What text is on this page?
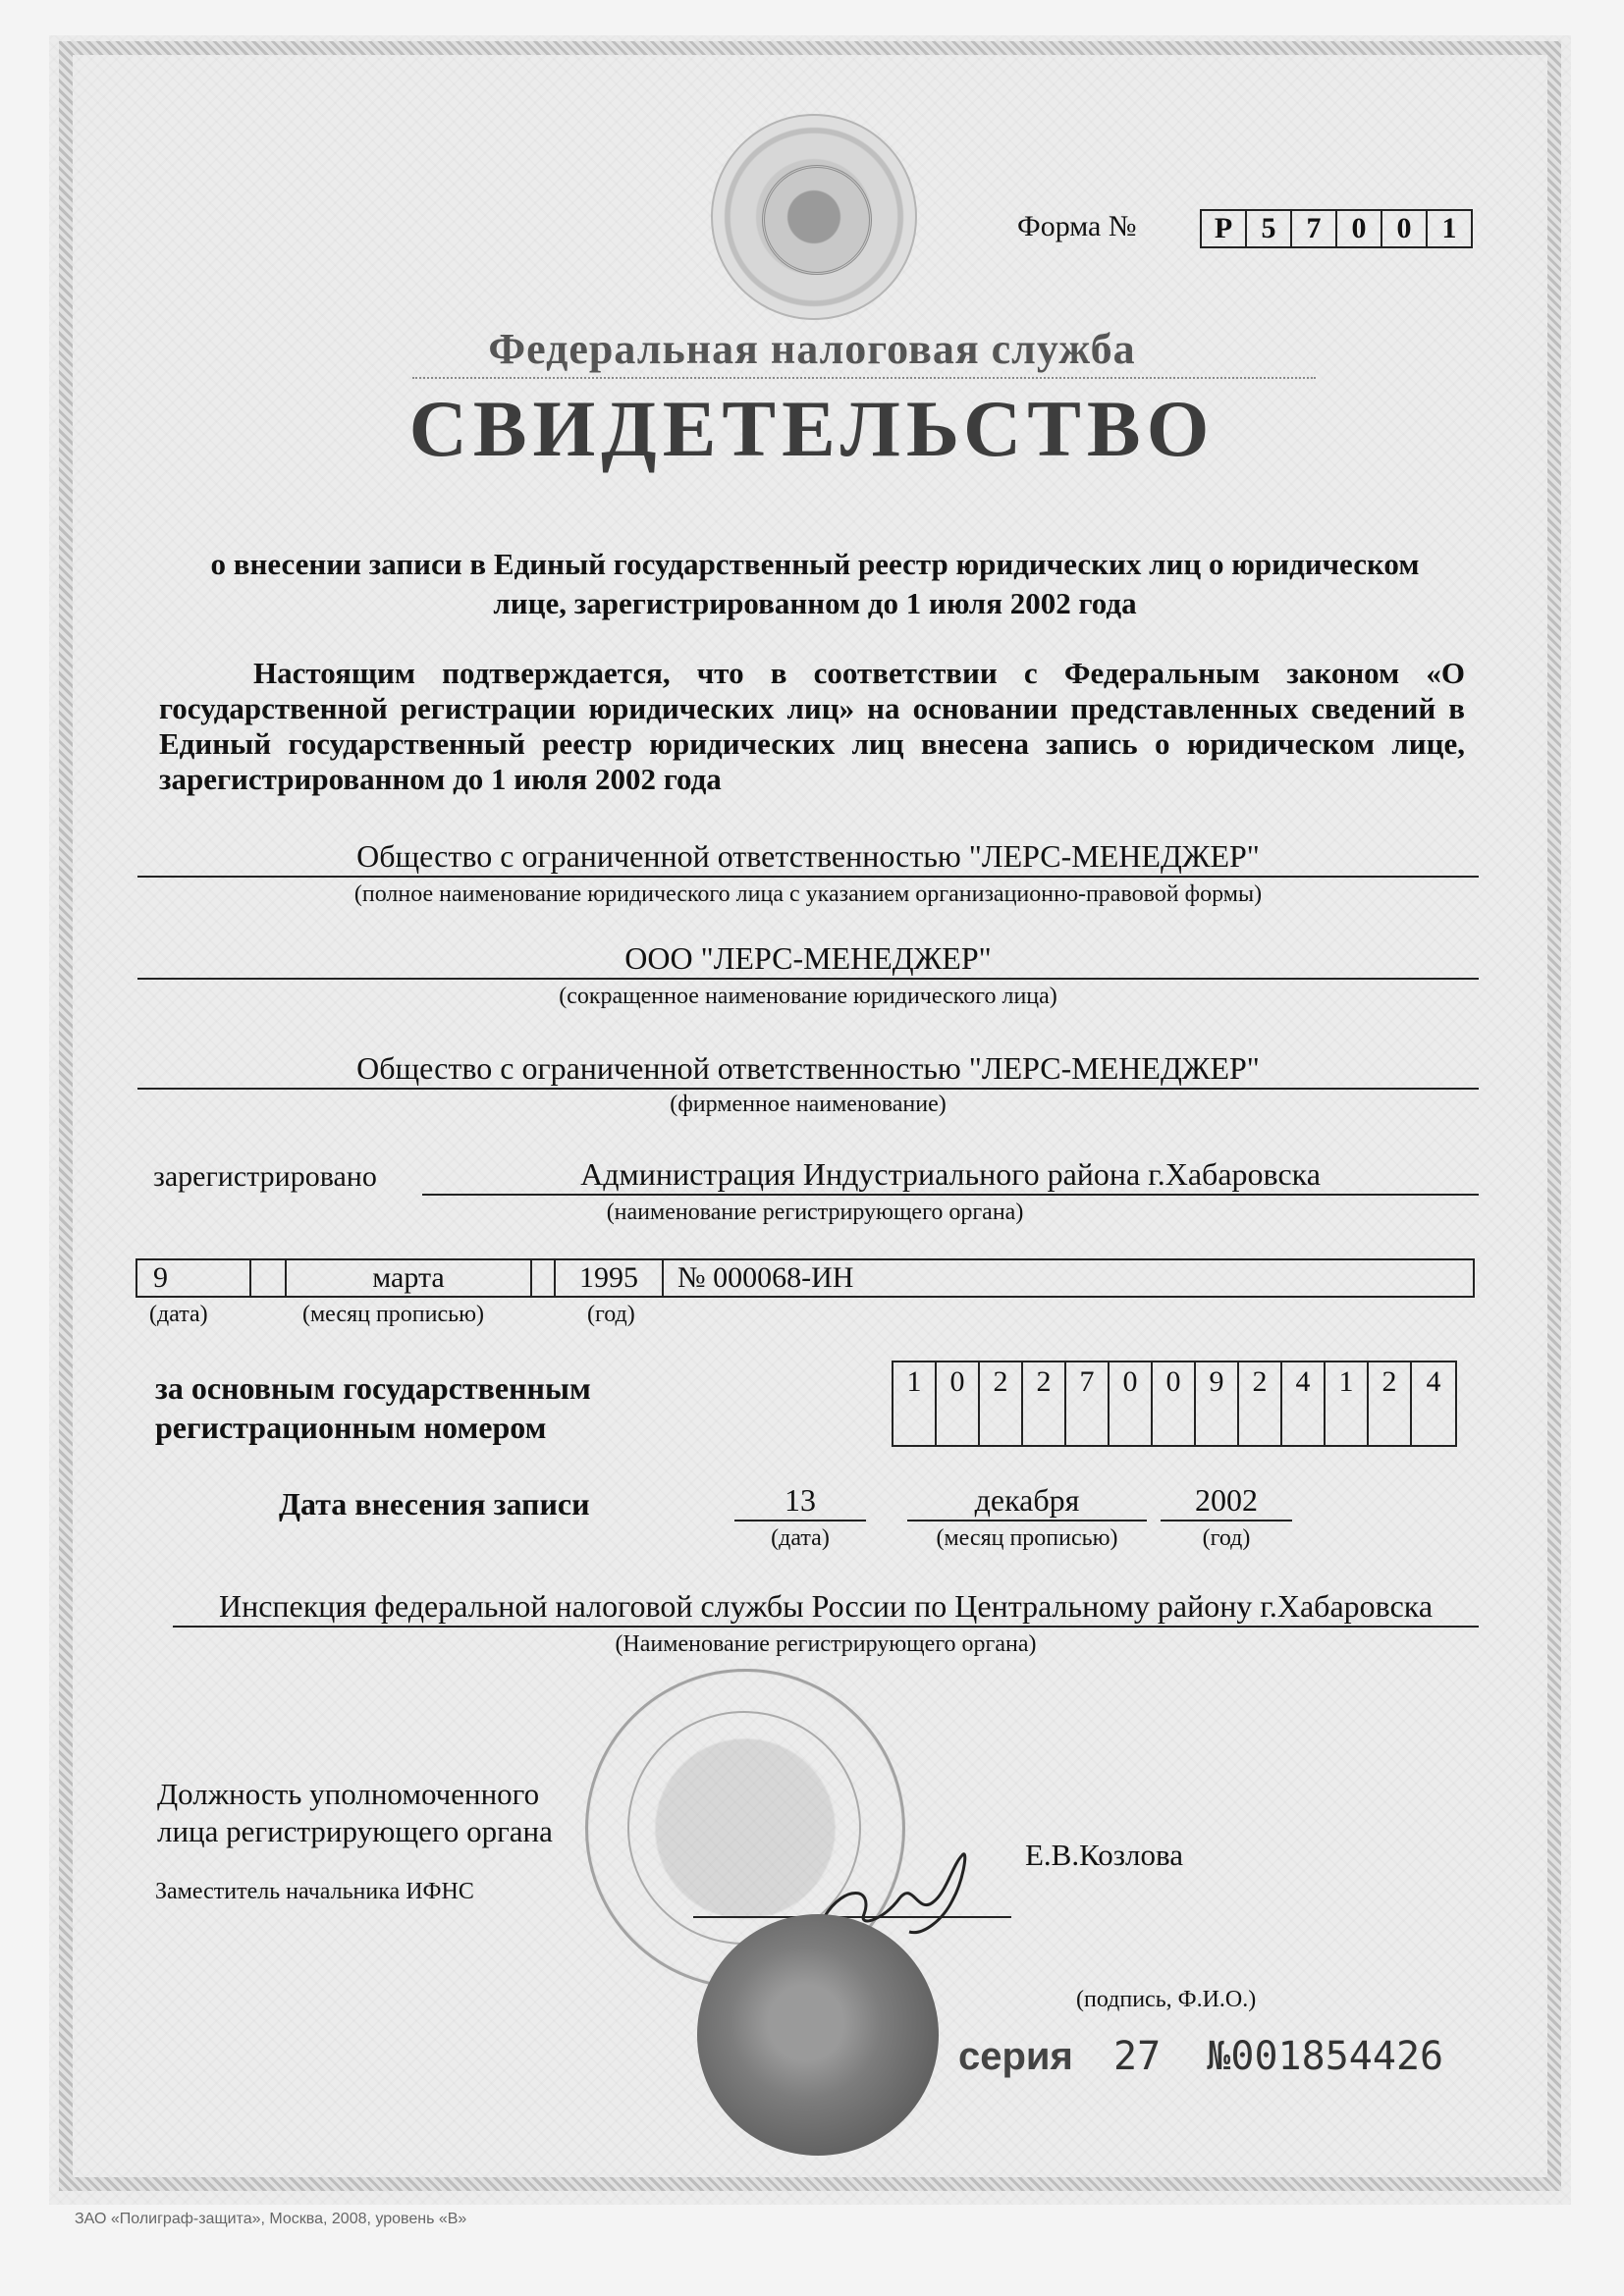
Форма №	Р 5	7	0	0	1
Федеральная налоговая служба
СВИДЕТЕЛЬСТВО
о внесении записи в Единый государственный реестр юридических лиц о юридическом
лице, зарегистрированном до 1 июля 2002 года
Настоящим подтверждается, что в соответствии с Федеральным законом «О государственной регистрации юридических лиц» на основании представленных сведений в Единый государственный реестр юридических лиц внесена запись о юридическом лице, зарегистрированном до 1 июля 2002 года
Общество с ограниченной ответственностью "ЛЕРС-МЕНЕДЖЕР"
(полное наименование юридического лица с указанием организационно-правовой формы)
ООО "ЛЕРС-МЕНЕДЖЕР"
(сокращенное наименование юридического лица)
Общество с ограниченной ответственностью "ЛЕРС-МЕНЕДЖЕР"
(фирменное наименование)
зарегистрировано	Администрация Индустриального района г.Хабаровска
(наименование регистрирующего органа)
9	марта	1995	№ 000068-ИН
(дата)	(месяц прописью)	(год)
за основным государственным
регистрационным номером
1 0 2 2 7 0 0 9 2 4 1 2	4
Дата внесения записи	13	декабря	2002
(дата)	(месяц прописью)	(год)
Инспекция федеральной налоговой службы России по Центральному району г.Хабаровска
(Наименование регистрирующего органа)
Должность уполномоченного
лица регистрирующего органа
Заместитель начальника ИФНС
Е.В.Козлова
(подпись, Ф.И.О.)
серия 27 №001854426
ЗАО «Полиграф-защита», Москва, 2008, уровень «В»
